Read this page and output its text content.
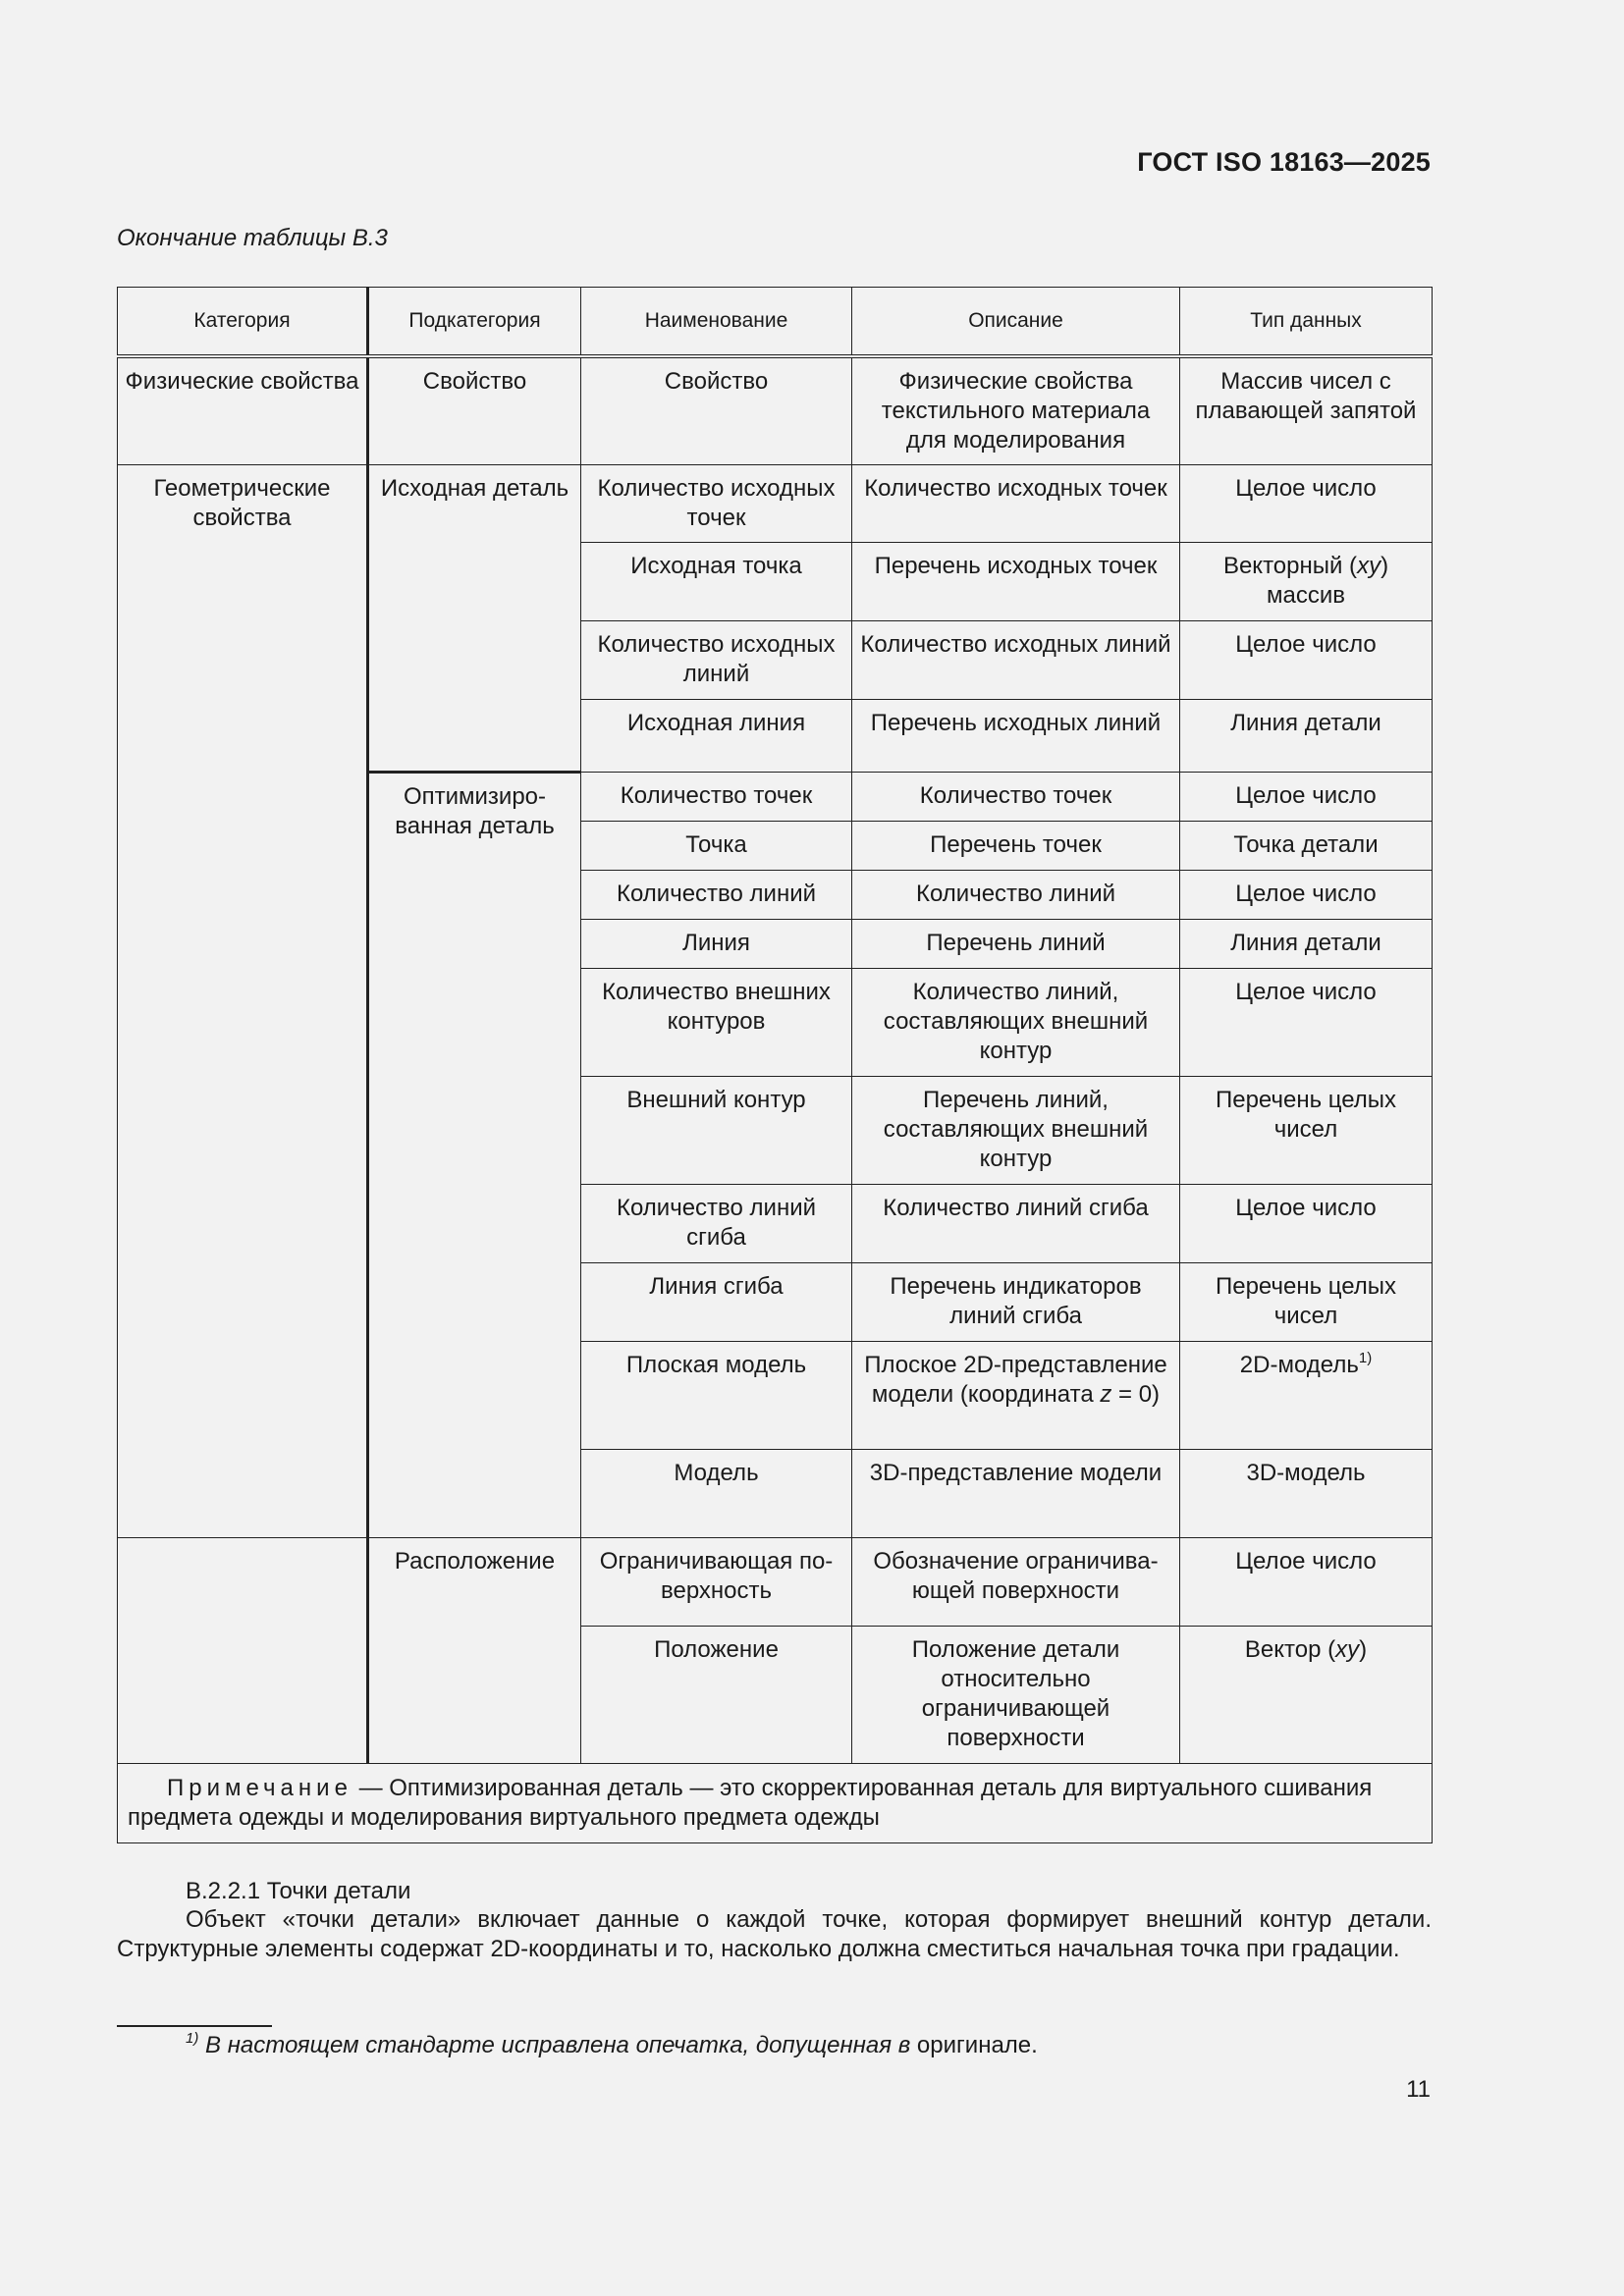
ГОСТ ISO 18163—2025
Окончание таблицы В.3
Категория	Подкатегория	Наименование	Описание	Тип данных
Физические свойства	Свойство	Свойство	Физические свойства текстильного материала для моделирования	Массив чисел с плавающей запятой
Геометрические свойства	Исходная деталь	Количество исходных точек	Количество исходных точек	Целое число
		Исходная точка	Перечень исходных точек	Векторный (xy) массив
		Количество исходных линий	Количество исходных линий	Целое число
		Исходная линия	Перечень исходных линий	Линия детали
	Оптимизиро-ванная деталь	Количество точек	Количество точек	Целое число
		Точка	Перечень точек	Точка детали
		Количество линий	Количество линий	Целое число
		Линия	Перечень линий	Линия детали
		Количество внешних контуров	Количество линий, составляющих внешний контур	Целое число
		Внешний контур	Перечень линий, составляющих внешний контур	Перечень целых чисел
		Количество линий сгиба	Количество линий сгиба	Целое число
		Линия сгиба	Перечень индикаторов линий сгиба	Перечень целых чисел
		Плоская модель	Плоское 2D-представление модели (координата z = 0)	2D-модель$^{1)}$
		Модель	3D-представление модели	3D-модель
	Расположение	Ограничивающая по-верхность	Обозначение ограничива-ющей поверхности	Целое число
		Положение	Положение детали относительно ограничивающей поверхности	Вектор (xy)
Примечание — Оптимизированная деталь — это скорректированная деталь для виртуального сшивания предмета одежды и моделирования виртуального предмета одежды				
В.2.2.1 Точки детали

Объект «точки детали» включает данные о каждой точке, которая формирует внешний контур детали. Структурные элементы содержат 2D-координаты и то, насколько должна сместиться начальная точка при градации.

$^{1)}$ В настоящем стандарте исправлена опечатка, допущенная в оригинале.
11
